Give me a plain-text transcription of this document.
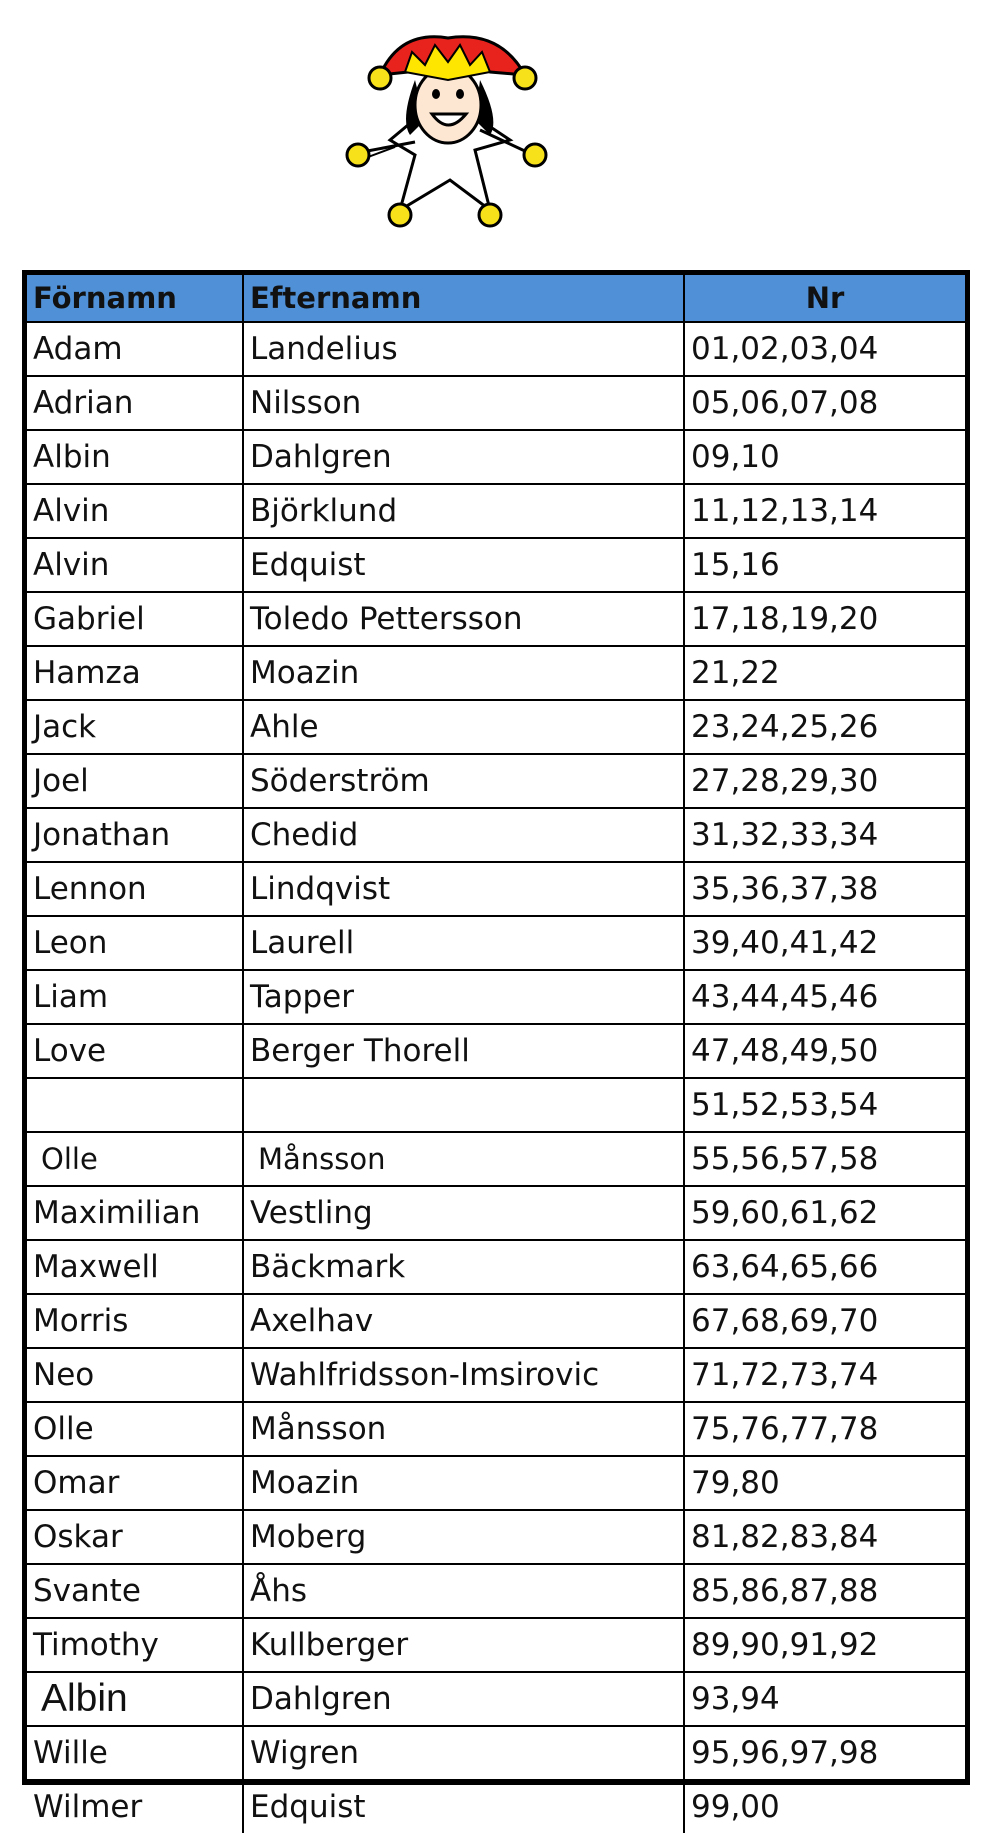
Förnamn	Efternamn	Nr
Adam	Landelius	01,02,03,04
Adrian	Nilsson	05,06,07,08
Albin	Dahlgren	09,10
Alvin	Björklund	11,12,13,14
Alvin	Edquist	15,16
Gabriel	Toledo Pettersson	17,18,19,20
Hamza	Moazin	21,22
Jack	Ahle	23,24,25,26
Joel	Söderström	27,28,29,30
Jonathan	Chedid	31,32,33,34
Lennon	Lindqvist	35,36,37,38
Leon	Laurell	39,40,41,42
Liam	Tapper	43,44,45,46
Love	Berger Thorell	47,48,49,50
		51,52,53,54
Olle	Månsson	55,56,57,58
Maximilian	Vestling	59,60,61,62
Maxwell	Bäckmark	63,64,65,66
Morris	Axelhav	67,68,69,70
Neo	Wahlfridsson-Imsirovic	71,72,73,74
Olle	Månsson	75,76,77,78
Omar	Moazin	79,80
Oskar	Moberg	81,82,83,84
Svante	Åhs	85,86,87,88
Timothy	Kullberger	89,90,91,92
Albin	Dahlgren	93,94
Wille	Wigren	95,96,97,98
Wilmer	Edquist	99,00
